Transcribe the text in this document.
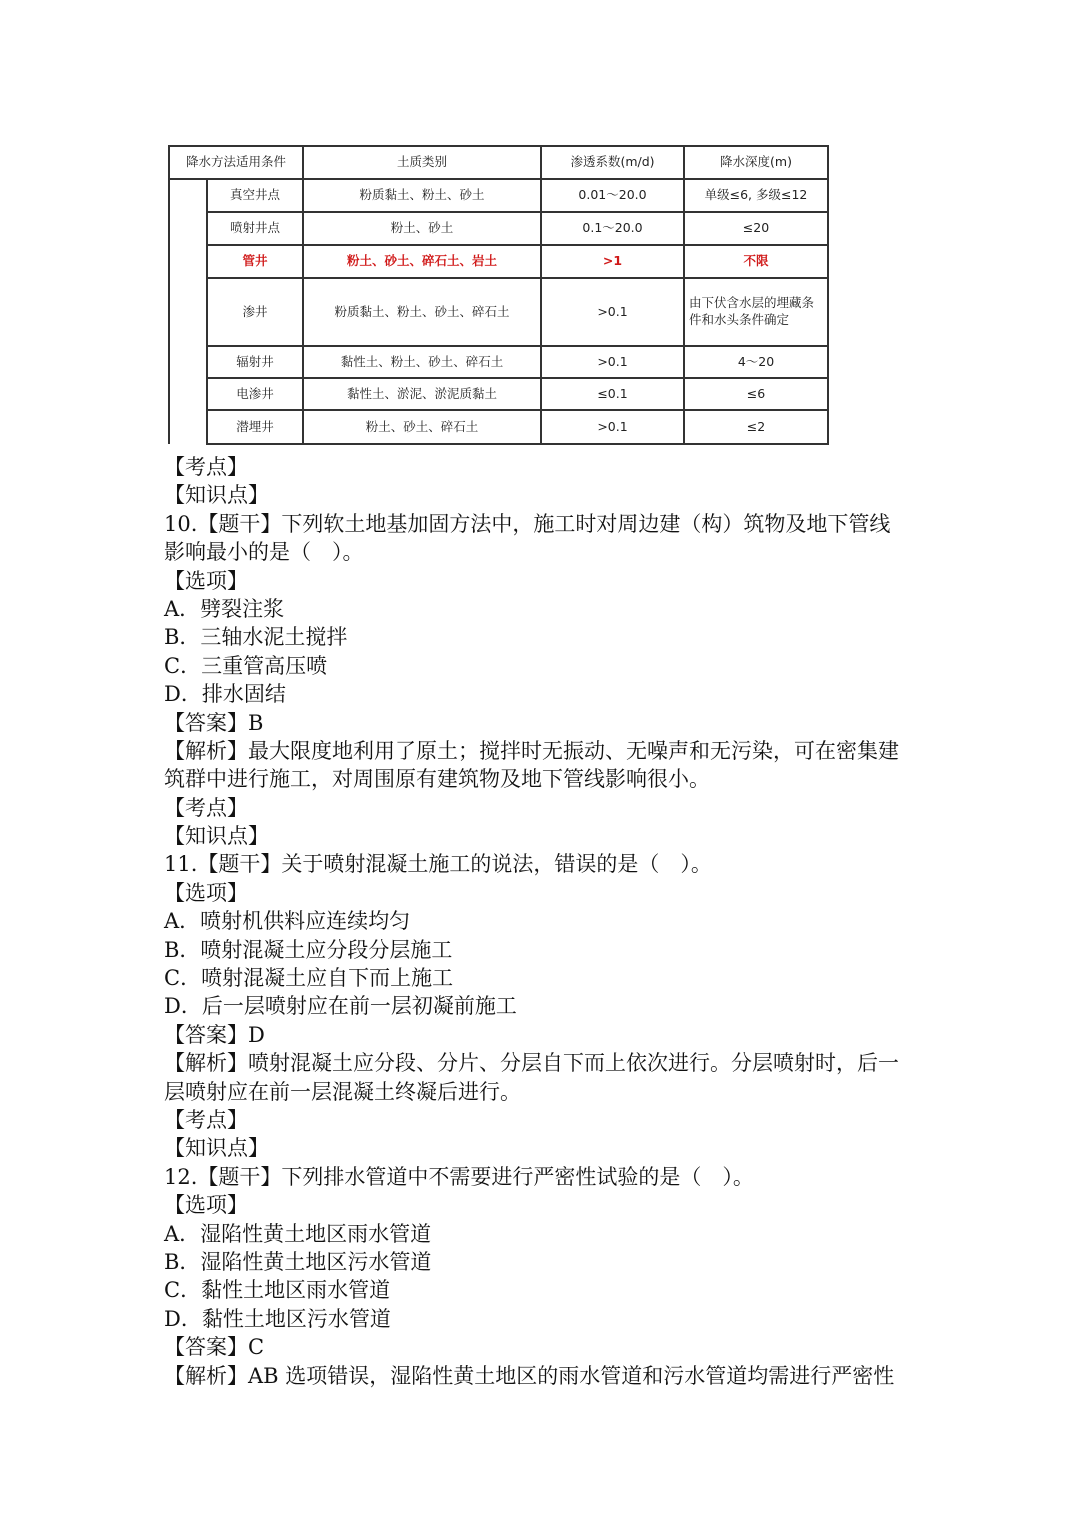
降水方法适用条件		土质类别	渗透系数(m/d)	降水深度(m)
	真空井点	粉质黏土、粉土、砂土	0.01～20.0	单级≤6, 多级≤12
	喷射井点	粉土、砂土	0.1～20.0	≤20
	管井	粉土、砂土、碎石土、岩土	>1	不限
	渗井	粉质黏土、粉土、砂土、碎石土	>0.1	由下伏含水层的埋藏条件和水头条件确定
	辐射井	黏性土、粉土、砂土、碎石土	>0.1	4～20
	电渗井	黏性土、淤泥、淤泥质黏土	≤0.1	≤6
	潜埋井	粉土、砂土、碎石土	>0.1	≤2
【考点】
【知识点】
10.【题干】下列软土地基加固方法中，施工时对周边建（构）筑物及地下管线
影响最小的是（　）。
【选项】
A．劈裂注浆
B．三轴水泥土搅拌
C．三重管高压喷
D．排水固结
【答案】B
【解析】最大限度地利用了原土；搅拌时无振动、无噪声和无污染，可在密集建
筑群中进行施工，对周围原有建筑物及地下管线影响很小。
【考点】
【知识点】
11.【题干】关于喷射混凝土施工的说法，错误的是（　）。
【选项】
A．喷射机供料应连续均匀
B．喷射混凝土应分段分层施工
C．喷射混凝土应自下而上施工
D．后一层喷射应在前一层初凝前施工
【答案】D
【解析】喷射混凝土应分段、分片、分层自下而上依次进行。分层喷射时，后一
层喷射应在前一层混凝土终凝后进行。
【考点】
【知识点】
12.【题干】下列排水管道中不需要进行严密性试验的是（　）。
【选项】
A．湿陷性黄土地区雨水管道
B．湿陷性黄土地区污水管道
C．黏性土地区雨水管道
D．黏性土地区污水管道
【答案】C
【解析】AB 选项错误，湿陷性黄土地区的雨水管道和污水管道均需进行严密性
